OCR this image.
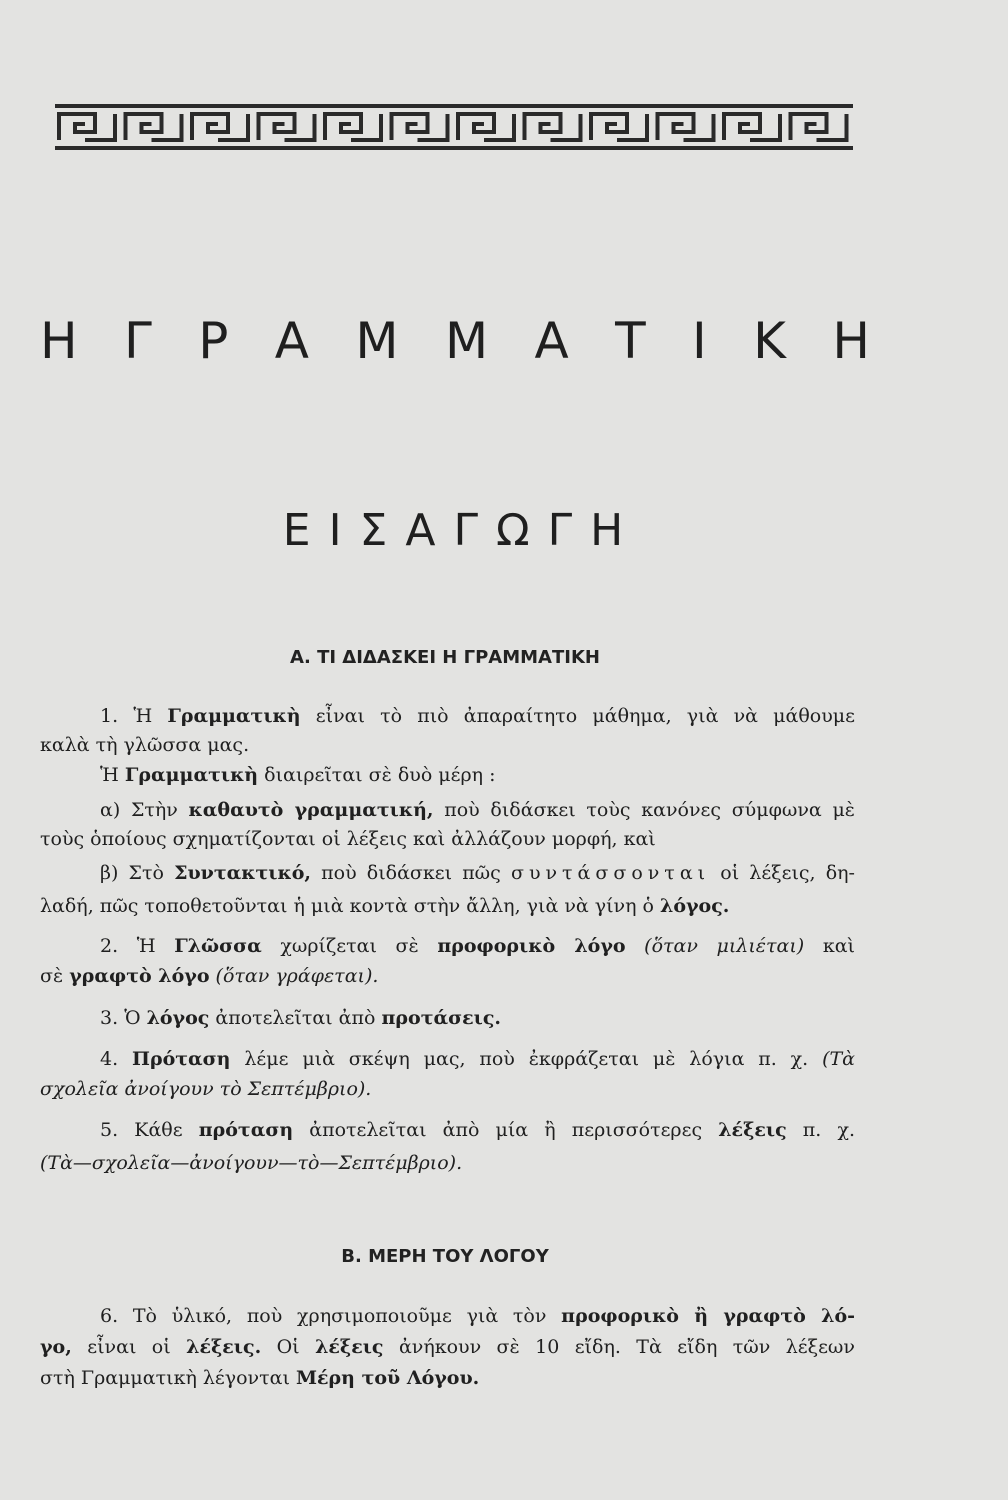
Η Γ Ρ Α Μ Μ Α Τ Ι Κ Η
ΕΙΣΑΓΩΓΗ
Α. ΤΙ ΔΙΔΑΣΚΕΙ Η ΓΡΑΜΜΑΤΙΚΗ
1. Ἡ Γραμματικὴ εἶναι τὸ πιὸ ἀπαραίτητο μάθημα, γιὰ νὰ μάθουμε
καλὰ τὴ γλῶσσα μας.
Ἡ Γραμματικὴ διαιρεῖται σὲ δυὸ μέρη :
α) Στὴν καθαυτὸ γραμματική, ποὺ διδάσκει τοὺς κανόνες σύμφωνα μὲ
τοὺς ὁποίους σχηματίζονται οἱ λέξεις καὶ ἀλλάζουν μορφή, καὶ
β) Στὸ Συντακτικό, ποὺ διδάσκει πῶς συντάσσονται οἱ λέξεις, δη-
λαδή, πῶς τοποθετοῦνται ἡ μιὰ κοντὰ στὴν ἄλλη, γιὰ νὰ γίνη ὁ λόγος.
2. Ἡ Γλῶσσα χωρίζεται σὲ προφορικὸ λόγο (ὅταν μιλιέται) καὶ
σὲ γραφτὸ λόγο (ὅταν γράφεται).
3. Ὁ λόγος ἀποτελεῖται ἀπὸ προτάσεις.
4. Πρόταση λέμε μιὰ σκέψη μας, ποὺ ἐκφράζεται μὲ λόγια π. χ. (Τὰ
σχολεῖα ἀνοίγουν τὸ Σεπτέμβριο).
5. Κάθε πρόταση ἀποτελεῖται ἀπὸ μία ἢ περισσότερες λέξεις π. χ.
(Τὰ—σχολεῖα—ἀνοίγουν—τὸ—Σεπτέμβριο).
Β. ΜΕΡΗ ΤΟΥ ΛΟΓΟΥ
6. Τὸ ὑλικό, ποὺ χρησιμοποιοῦμε γιὰ τὸν προφορικὸ ἢ γραφτὸ λό-
γο, εἶναι οἱ λέξεις. Οἱ λέξεις ἀνήκουν σὲ 10 εἴδη. Τὰ εἴδη τῶν λέξεων
στὴ Γραμματικὴ λέγονται Μέρη τοῦ Λόγου.
